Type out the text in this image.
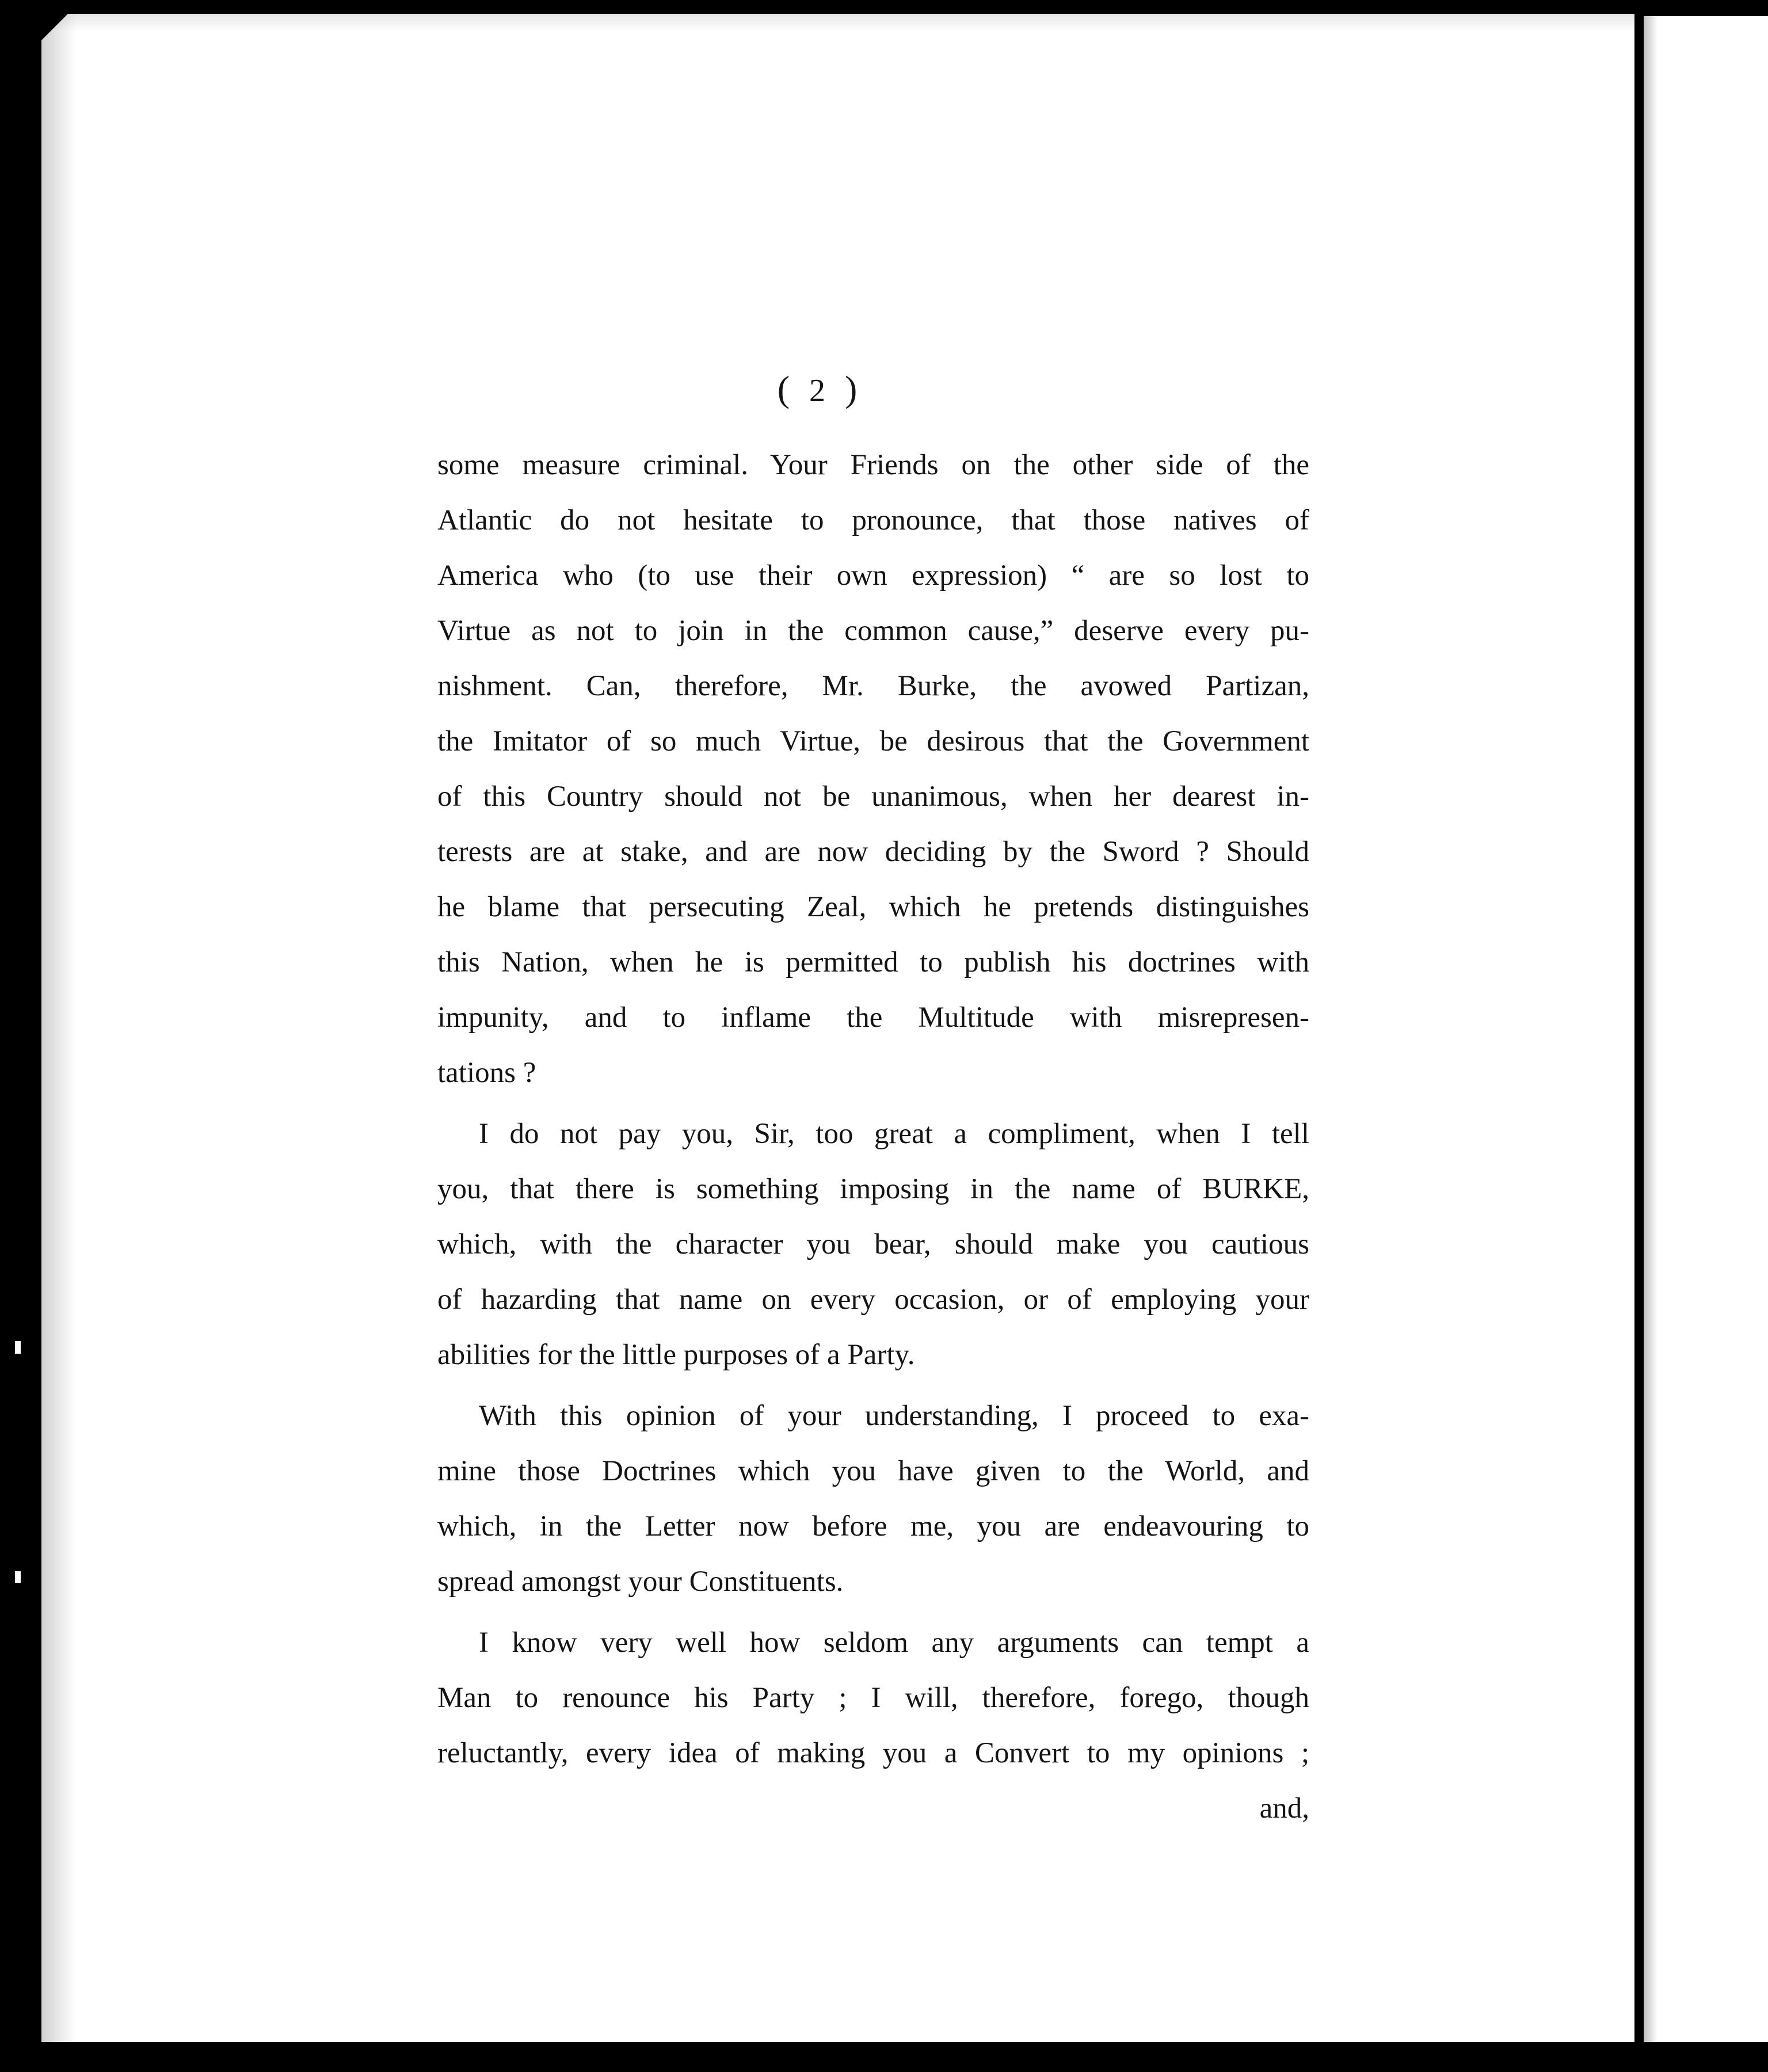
( 2 )
some measure criminal. Your Friends on the other side of the
Atlantic do not hesitate to pronounce, that those natives of
America who (to use their own expression) “ are so lost to
Virtue as not to join in the common cause,” deserve every pu-
nishment. Can, therefore, Mr. Burke, the avowed Partizan,
the Imitator of so much Virtue, be desirous that the Government
of this Country should not be unanimous, when her dearest in-
terests are at stake, and are now deciding by the Sword ? Should
he blame that persecuting Zeal, which he pretends distinguishes
this Nation, when he is permitted to publish his doctrines with
impunity, and to inflame the Multitude with misrepresen-
tations ?
I do not pay you, Sir, too great a compliment, when I tell
you, that there is something imposing in the name of BURKE,
which, with the character you bear, should make you cautious
of hazarding that name on every occasion, or of employing your
abilities for the little purposes of a Party.
With this opinion of your understanding, I proceed to exa-
mine those Doctrines which you have given to the World, and
which, in the Letter now before me, you are endeavouring to
spread amongst your Constituents.
I know very well how seldom any arguments can tempt a
Man to renounce his Party ; I will, therefore, forego, though
reluctantly, every idea of making you a Convert to my opinions ;
and,
